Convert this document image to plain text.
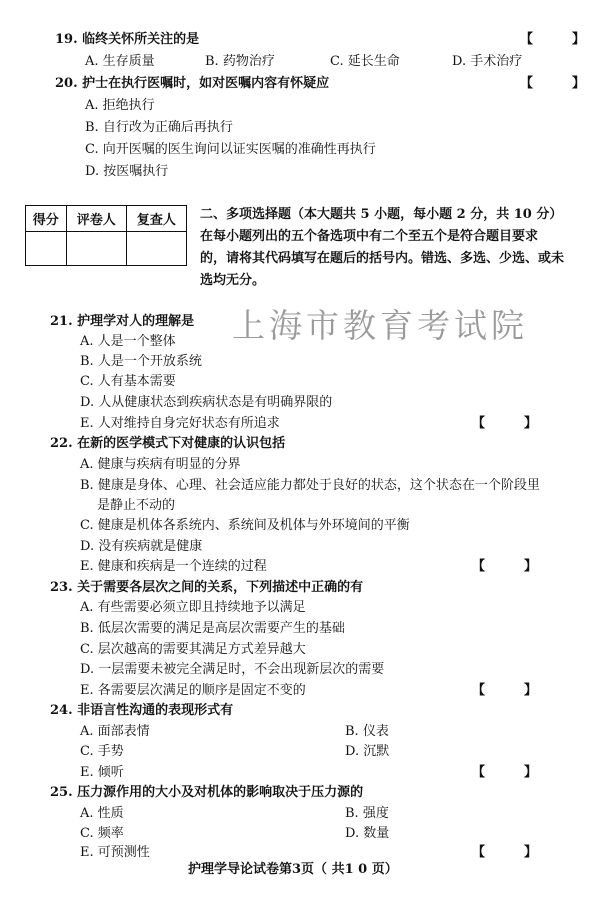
19. 临终关怀所关注的是	【　　　】
A. 生存质量	B. 药物治疗	C. 延长生命	D. 手术治疗
20. 护士在执行医嘱时，如对医嘱内容有怀疑应	【　　　】
A. 拒绝执行
B. 自行改为正确后再执行
C. 向开医嘱的医生询问以证实医嘱的准确性再执行
D. 按医嘱执行
得分	评卷人	复查人
		二、多项选择题（本大题共 5 小题，每小题 2 分，共 10 分）
在每小题列出的五个备选项中有二个至五个是符合题目要求
的，请将其代码填写在题后的括号内。错选、多选、少选、或未
选均无分。
上海市教育考试院
21. 护理学对人的理解是
A. 人是一个整体
B. 人是一个开放系统
C. 人有基本需要
D. 人从健康状态到疾病状态是有明确界限的
E. 人对维持自身完好状态有所追求	【　　　】
22. 在新的医学模式下对健康的认识包括
A. 健康与疾病有明显的分界
B. 健康是身体、心理、社会适应能力都处于良好的状态，这个状态在一个阶段里
是静止不动的
C. 健康是机体各系统内、系统间及机体与外环境间的平衡
D. 没有疾病就是健康
E. 健康和疾病是一个连续的过程	【　　　】
23. 关于需要各层次之间的关系，下列描述中正确的有
A. 有些需要必须立即且持续地予以满足
B. 低层次需要的满足是高层次需要产生的基础
C. 层次越高的需要其满足方式差异越大
D. 一层需要未被完全满足时，不会出现新层次的需要
E. 各需要层次满足的顺序是固定不变的	【　　　】
24. 非语言性沟通的表现形式有
A. 面部表情	B. 仪表
C. 手势	D. 沉默
E. 倾听	【　　　】
25. 压力源作用的大小及对机体的影响取决于压力源的
A. 性质	B. 强度
C. 频率	D. 数量
E. 可预测性	【　　　】
护理学导论试卷第3页（ 共1 0 页）
